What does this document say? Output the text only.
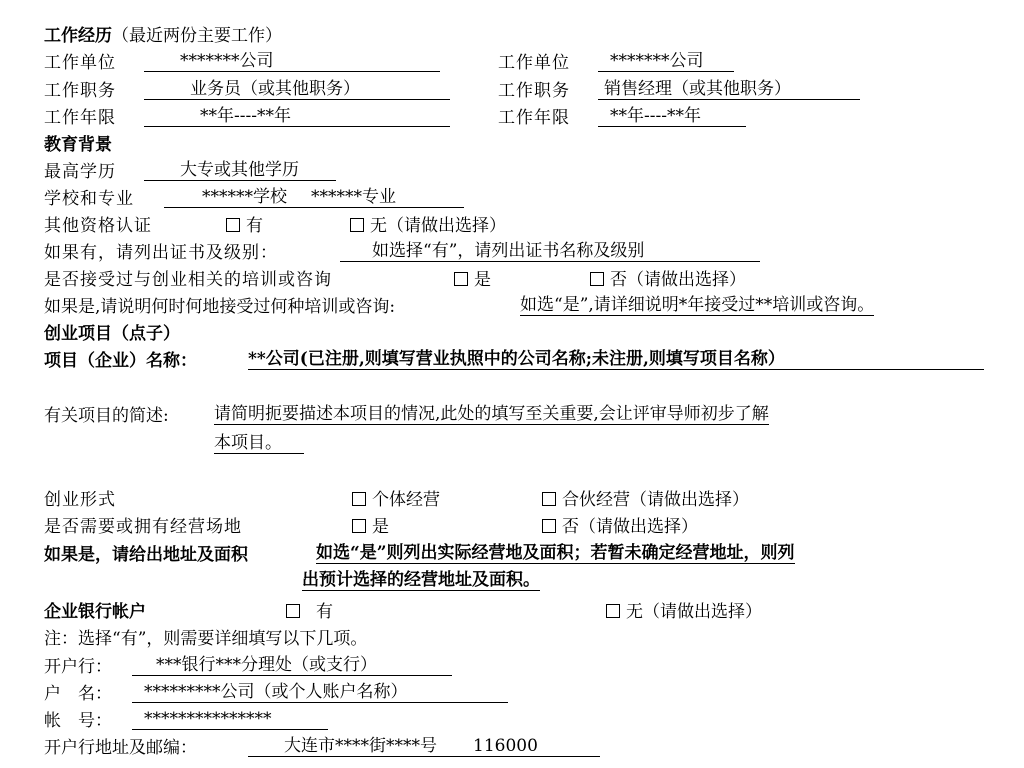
工作经历（最近两份主要工作）
工作单位	*******公司	工作单位	*******公司
工作职务	业务员（或其他职务）	工作职务	销售经理（或其他职务）
工作年限	**年----**年	工作年限	**年----**年
教育背景
最高学历	大专或其他学历
学校和专业	******学校 ******专业
其他资格认证	有	无（请做出选择）
如果有，请列出证书及级别：	如选择“有”，请列出证书名称及级别
是否接受过与创业相关的培训或咨询	是	否（请做出选择）
如果是,请说明何时何地接受过何种培训或咨询:	如选“是”,请详细说明*年接受过**培训或咨询。
创业项目（点子）
项目（企业）名称：	**公司(已注册,则填写营业执照中的公司名称;未注册,则填写项目名称）
有关项目的简述:	请简明扼要描述本项目的情况,此处的填写至关重要,会让评审导师初步了解
本项目。
创业形式	个体经营	合伙经营（请做出选择）
是否需要或拥有经营场地	是	否（请做出选择）
如果是，请给出地址及面积	如选“是”则列出实际经营地及面积；若暂未确定经营地址，则列
出预计选择的经营地址及面积。
企业银行帐户	有	无（请做出选择）
注：选择“有”，则需要详细填写以下几项。
开户行：	***银行***分理处（或支行）
户　名：	*********公司（或个人账户名称）
帐　号：	***************
开户行地址及邮编：	大连市****街****号 116000
